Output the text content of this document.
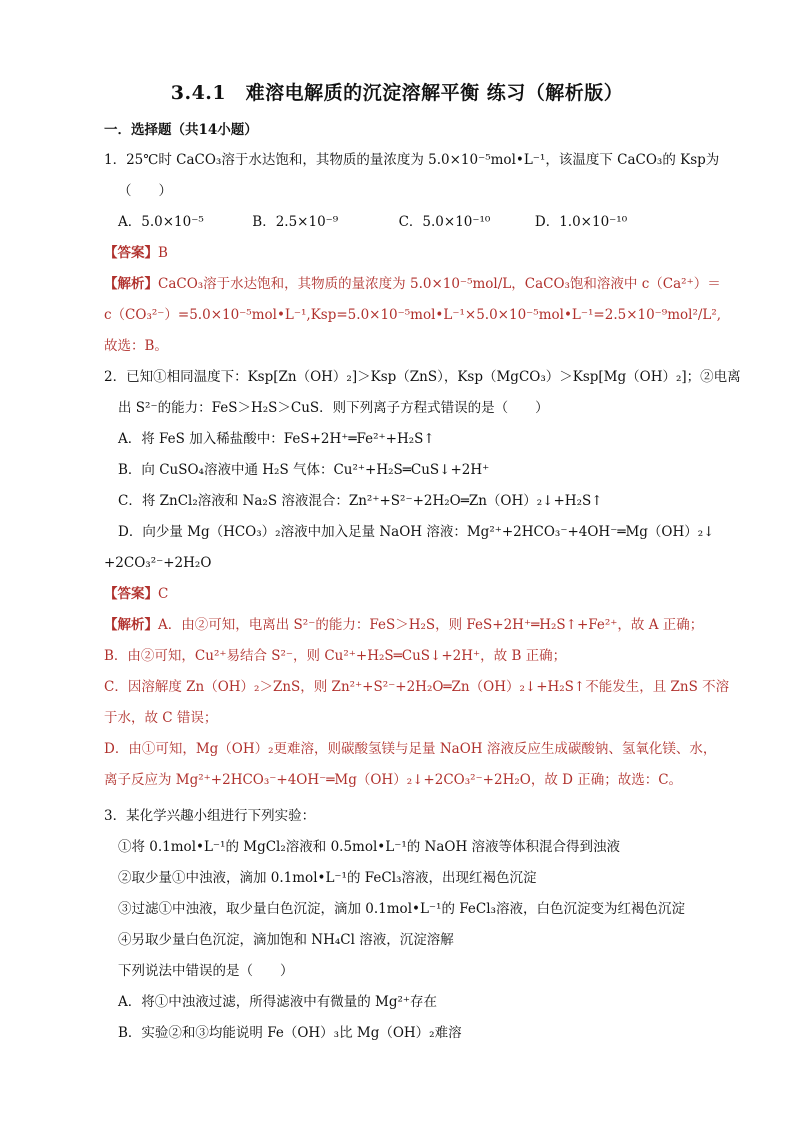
3.4.1　难溶电解质的沉淀溶解平衡 练习（解析版）
一．选择题（共14小题）
1．25℃时 CaCO₃溶于水达饱和，其物质的量浓度为 5.0×10⁻⁵mol•L⁻¹，该温度下 CaCO₃的 Ksp为
（　　）
A．5.0×10⁻⁵	B．2.5×10⁻⁹	C．5.0×10⁻¹⁰	D．1.0×10⁻¹⁰
【答案】B
【解析】CaCO₃溶于水达饱和，其物质的量浓度为 5.0×10⁻⁵mol/L，CaCO₃饱和溶液中 c（Ca²⁺）＝
c（CO₃²⁻）=5.0×10⁻⁵mol•L⁻¹,Ksp=5.0×10⁻⁵mol•L⁻¹×5.0×10⁻⁵mol•L⁻¹=2.5×10⁻⁹mol²/L²,
故选：B。
2．已知①相同温度下：Ksp[Zn（OH）₂]＞Ksp（ZnS），Ksp（MgCO₃）＞Ksp[Mg（OH）₂]；②电离
出 S²⁻的能力：FeS＞H₂S＞CuS．则下列离子方程式错误的是（　　）
A．将 FeS 加入稀盐酸中：FeS+2H⁺═Fe²⁺+H₂S↑
B．向 CuSO₄溶液中通 H₂S 气体：Cu²⁺+H₂S═CuS↓+2H⁺
C．将 ZnCl₂溶液和 Na₂S 溶液混合：Zn²⁺+S²⁻+2H₂O═Zn（OH）₂↓+H₂S↑
D．向少量 Mg（HCO₃）₂溶液中加入足量 NaOH 溶液：Mg²⁺+2HCO₃⁻+4OH⁻═Mg（OH）₂↓
+2CO₃²⁻+2H₂O
【答案】C
【解析】A．由②可知，电离出 S²⁻的能力：FeS＞H₂S，则 FeS+2H⁺═H₂S↑+Fe²⁺，故 A 正确；
B．由②可知，Cu²⁺易结合 S²⁻，则 Cu²⁺+H₂S═CuS↓+2H⁺，故 B 正确；
C．因溶解度 Zn（OH）₂＞ZnS，则 Zn²⁺+S²⁻+2H₂O═Zn（OH）₂↓+H₂S↑不能发生，且 ZnS 不溶
于水，故 C 错误；
D．由①可知，Mg（OH）₂更难溶，则碳酸氢镁与足量 NaOH 溶液反应生成碳酸钠、氢氧化镁、水，
离子反应为 Mg²⁺+2HCO₃⁻+4OH⁻═Mg（OH）₂↓+2CO₃²⁻+2H₂O，故 D 正确；故选：C。
3．某化学兴趣小组进行下列实验：
①将 0.1mol•L⁻¹的 MgCl₂溶液和 0.5mol•L⁻¹的 NaOH 溶液等体积混合得到浊液
②取少量①中浊液，滴加 0.1mol•L⁻¹的 FeCl₃溶液，出现红褐色沉淀
③过滤①中浊液，取少量白色沉淀，滴加 0.1mol•L⁻¹的 FeCl₃溶液，白色沉淀变为红褐色沉淀
④另取少量白色沉淀，滴加饱和 NH₄Cl 溶液，沉淀溶解
下列说法中错误的是（　　）
A．将①中浊液过滤，所得滤液中有微量的 Mg²⁺存在
B．实验②和③均能说明 Fe（OH）₃比 Mg（OH）₂难溶
